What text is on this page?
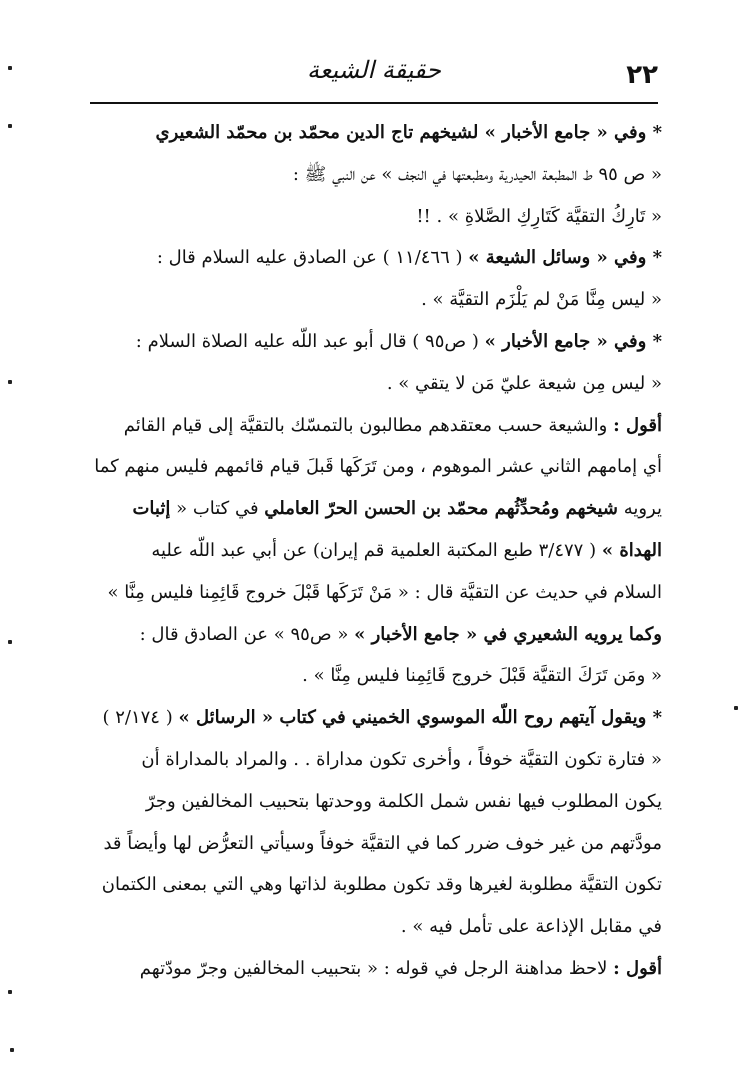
٢٢
حقيقة الشيعة
* وفي « جامع الأخبار » لشيخهم تاج الدين محمّد بن محمّد الشعيري
« ص ٩٥ ط المطبعة الحيدرية ومطبعتها في النجف » عن النبي ﷺ :
« تَارِكُ التقيَّة كَتَارِكِ الصَّلاةِ » . !!
* وفي « وسائل الشيعة » ( ١١/٤٦٦ ) عن الصادق عليه السلام قال :
« ليس مِنَّا مَنْ لم يَلْزَم التقيَّة » .
* وفي « جامع الأخبار » ( ص٩٥ ) قال أبو عبد اللّه عليه الصلاة السلام :
« ليس مِن شيعة عليّ مَن لا يتقي » .
أقول : والشيعة حسب معتقدهم مطالبون بالتمسّك بالتقيَّة إلى قيام القائم
أي إمامهم الثاني عشر الموهوم ، ومن تَرَكَها قَبلَ قيام قائمهم فليس منهم كما
يرويه شيخهم ومُحدِّثُهم محمّد بن الحسن الحرّ العاملي في كتاب « إثبات
الهداة » ( ٣/٤٧٧ طبع المكتبة العلمية قم إيران) عن أبي عبد اللّه عليه
السلام في حديث عن التقيَّة قال : « مَنْ تَرَكَها قَبْلَ خروج قَائِمِنا فليس مِنَّا »
وكما يرويه الشعيري في « جامع الأخبار » « ص٩٥ » عن الصادق قال :
« ومَن تَرَكَ التقيَّة قَبْلَ خروج قَائِمِنا فليس مِنَّا » .
* ويقول آيتهم روح اللّه الموسوي الخميني في كتاب « الرسائل » ( ٢/١٧٤ )
« فتارة تكون التقيَّة خوفاً ، وأخرى تكون مداراة . . والمراد بالمداراة أن
يكون المطلوب فيها نفس شمل الكلمة ووحدتها بتحبيب المخالفين وجرّ
مودَّتهم من غير خوف ضرر كما في التقيَّة خوفاً وسيأتي التعرُّض لها وأيضاً قد
تكون التقيَّة مطلوبة لغيرها وقد تكون مطلوبة لذاتها وهي التي بمعنى الكتمان
في مقابل الإذاعة على تأمل فيه » .
أقول : لاحظ مداهنة الرجل في قوله : « بتحبيب المخالفين وجرّ مودّتهم
